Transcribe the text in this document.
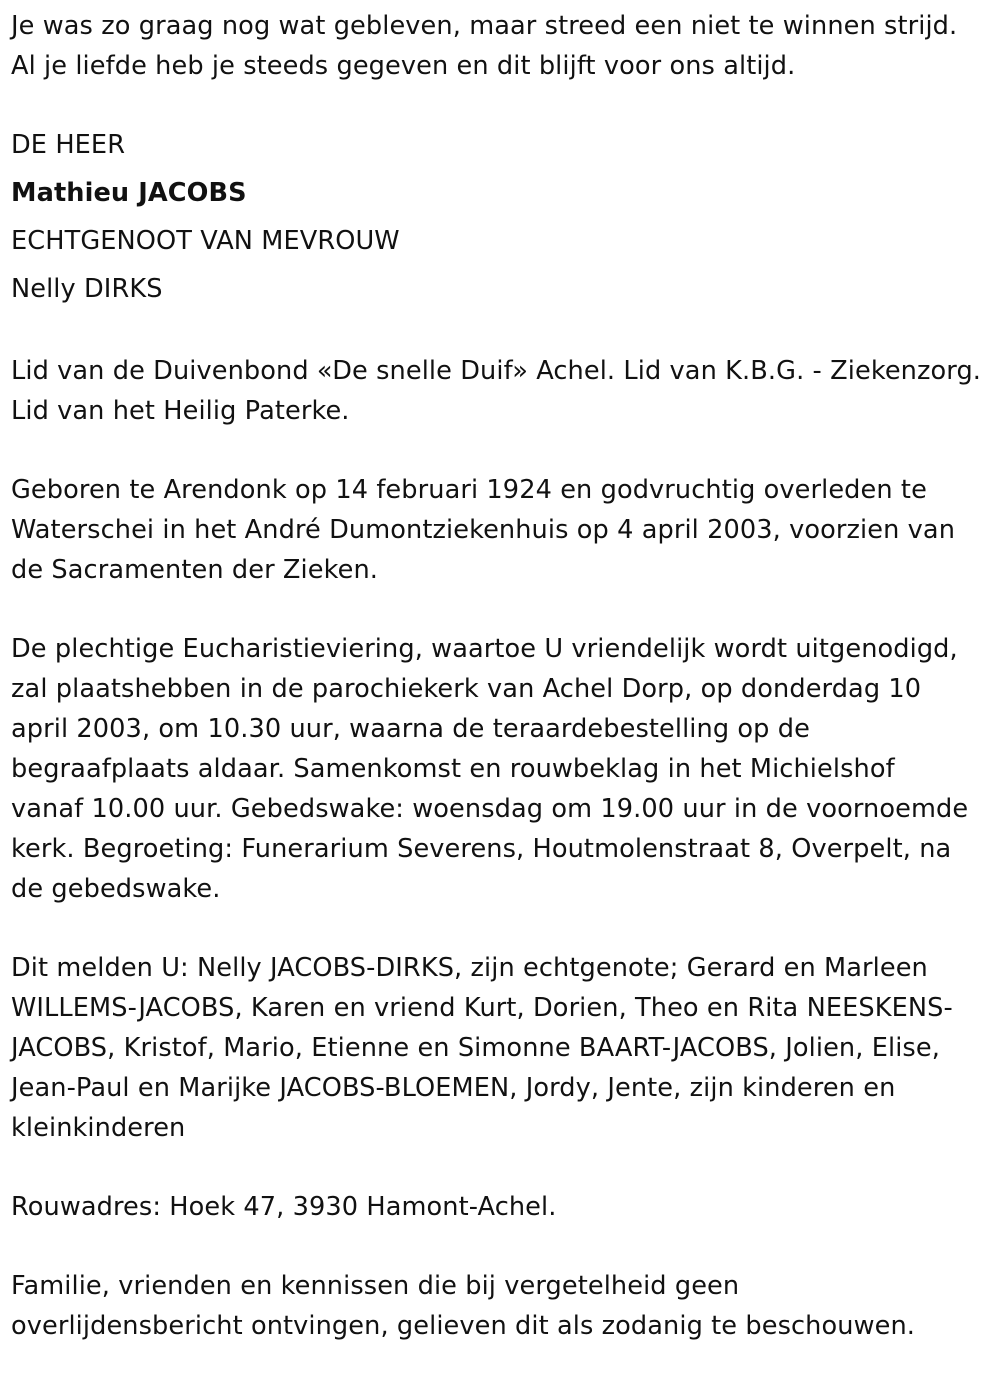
Je was zo graag nog wat gebleven, maar streed een niet te winnen strijd.
Al je liefde heb je steeds gegeven en dit blijft voor ons altijd.
DE HEER
Mathieu JACOBS
ECHTGENOOT VAN MEVROUW
Nelly DIRKS
Lid van de Duivenbond «De snelle Duif» Achel. Lid van K.B.G. - Ziekenzorg.
Lid van het Heilig Paterke.
Geboren te Arendonk op 14 februari 1924 en godvruchtig overleden te
Waterschei in het André Dumontziekenhuis op 4 april 2003, voorzien van
de Sacramenten der Zieken.
De plechtige Eucharistieviering, waartoe U vriendelijk wordt uitgenodigd,
zal plaatshebben in de parochiekerk van Achel Dorp, op donderdag 10
april 2003, om 10.30 uur, waarna de teraardebestelling op de
begraafplaats aldaar. Samenkomst en rouwbeklag in het Michielshof
vanaf 10.00 uur. Gebedswake: woensdag om 19.00 uur in de voornoemde
kerk. Begroeting: Funerarium Severens, Houtmolenstraat 8, Overpelt, na
de gebedswake.
Dit melden U: Nelly JACOBS-DIRKS, zijn echtgenote; Gerard en Marleen
WILLEMS-JACOBS, Karen en vriend Kurt, Dorien, Theo en Rita NEESKENS-
JACOBS, Kristof, Mario, Etienne en Simonne BAART-JACOBS, Jolien, Elise,
Jean-Paul en Marijke JACOBS-BLOEMEN, Jordy, Jente, zijn kinderen en
kleinkinderen
Rouwadres: Hoek 47, 3930 Hamont-Achel.
Familie, vrienden en kennissen die bij vergetelheid geen
overlijdensbericht ontvingen, gelieven dit als zodanig te beschouwen.
